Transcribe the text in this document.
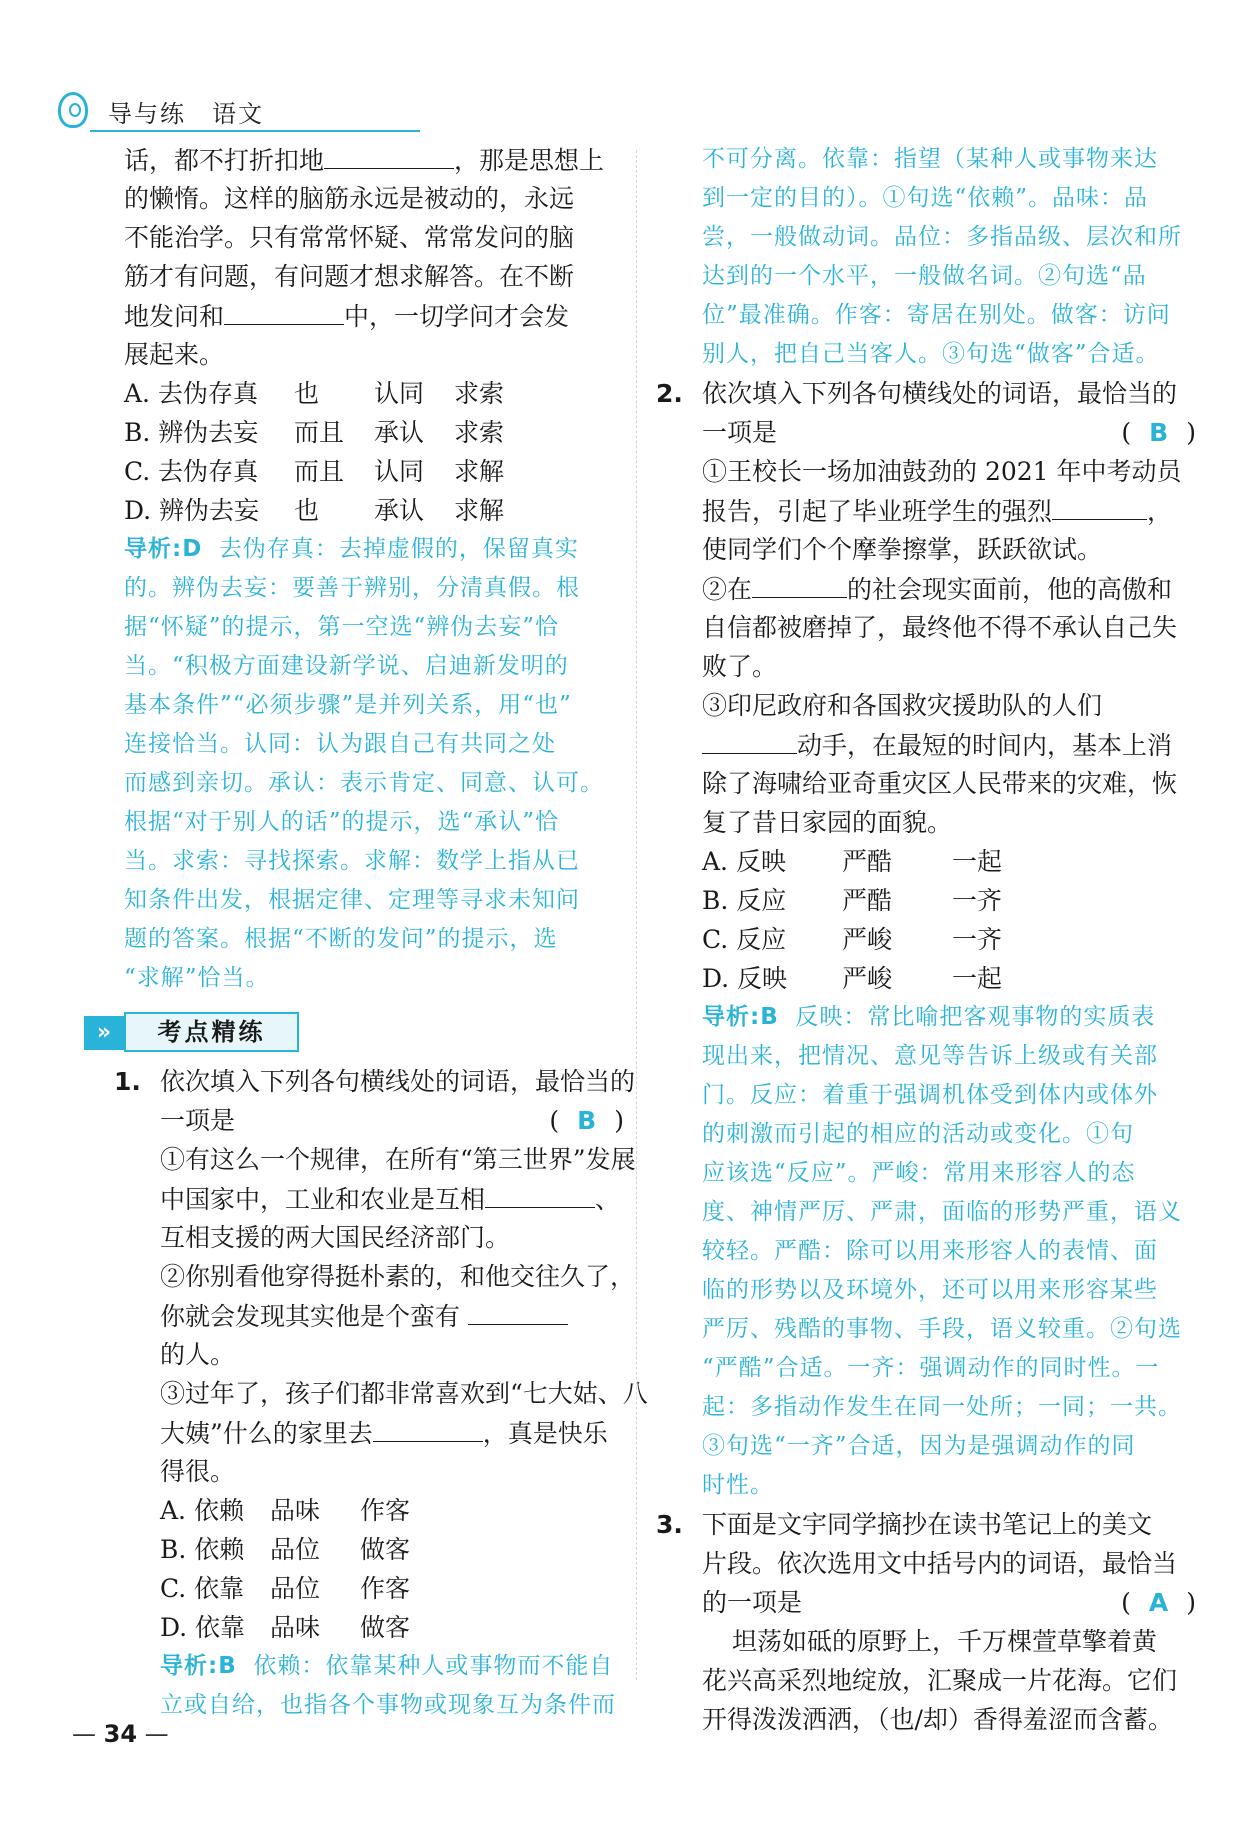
导与练　语文
话，都不打折扣地	，那是思想上
的懒惰。这样的脑筋永远是被动的，永远
不能治学。只有常常怀疑、常常发问的脑
筋才有问题，有问题才想求解答。在不断
地发问和	中，一切学问才会发
展起来。
A. 去伪存真 也 认同 求索
B. 辨伪去妄 而且 承认 求索
C. 去伪存真 而且 认同 求解
D. 辨伪去妄 也 承认 求解
导析:D 去伪存真：去掉虚假的，保留真实
的。辨伪去妄：要善于辨别，分清真假。根
据“怀疑”的提示，第一空选“辨伪去妄”恰
当。“积极方面建设新学说、启迪新发明的
基本条件”“必须步骤”是并列关系，用“也”
连接恰当。认同：认为跟自己有共同之处
而感到亲切。承认：表示肯定、同意、认可。
根据“对于别人的话”的提示，选“承认”恰
当。求索：寻找探索。求解：数学上指从已
知条件出发，根据定律、定理等寻求未知问
题的答案。根据“不断的发问”的提示，选
“求解”恰当。
»	考点精练
1. 依次填入下列各句横线处的词语，最恰当的
一项是	( B )
①有这么一个规律，在所有“第三世界”发展
中国家中，工业和农业是互相	、
互相支援的两大国民经济部门。
②你别看他穿得挺朴素的，和他交往久了，
你就会发现其实他是个蛮有
的人。
③过年了，孩子们都非常喜欢到“七大姑、八
大姨”什么的家里去	，真是快乐
得很。
A. 依赖 品味 作客
B. 依赖 品位 做客
C. 依靠 品位 作客
D. 依靠 品味 做客
导析:B 依赖：依靠某种人或事物而不能自
立或自给，也指各个事物或现象互为条件而
不可分离。依靠：指望（某种人或事物来达
到一定的目的）。①句选“依赖”。品味：品
尝，一般做动词。品位：多指品级、层次和所
达到的一个水平，一般做名词。②句选“品
位”最准确。作客：寄居在别处。做客：访问
别人，把自己当客人。③句选“做客”合适。
2. 依次填入下列各句横线处的词语，最恰当的
一项是	( B )
①王校长一场加油鼓劲的 2021 年中考动员
报告，引起了毕业班学生的强烈	，
使同学们个个摩拳擦掌，跃跃欲试。
②在	的社会现实面前，他的高傲和
自信都被磨掉了，最终他不得不承认自己失
败了。
③印尼政府和各国救灾援助队的人们
动手，在最短的时间内，基本上消
除了海啸给亚奇重灾区人民带来的灾难，恢
复了昔日家园的面貌。
A. 反映 严酷 一起
B. 反应 严酷 一齐
C. 反应 严峻 一齐
D. 反映 严峻 一起
导析:B 反映：常比喻把客观事物的实质表
现出来，把情况、意见等告诉上级或有关部
门。反应：着重于强调机体受到体内或体外
的刺激而引起的相应的活动或变化。①句
应该选“反应”。严峻：常用来形容人的态
度、神情严厉、严肃，面临的形势严重，语义
较轻。严酷：除可以用来形容人的表情、面
临的形势以及环境外，还可以用来形容某些
严厉、残酷的事物、手段，语义较重。②句选
“严酷”合适。一齐：强调动作的同时性。一
起：多指动作发生在同一处所；一同；一共。
③句选“一齐”合适，因为是强调动作的同
时性。
3. 下面是文宇同学摘抄在读书笔记上的美文
片段。依次选用文中括号内的词语，最恰当
的一项是	( A )
坦荡如砥的原野上，千万棵萱草擎着黄
花兴高采烈地绽放，汇聚成一片花海。它们
开得泼泼洒洒，（也/却）香得羞涩而含蓄。
— 34 —
